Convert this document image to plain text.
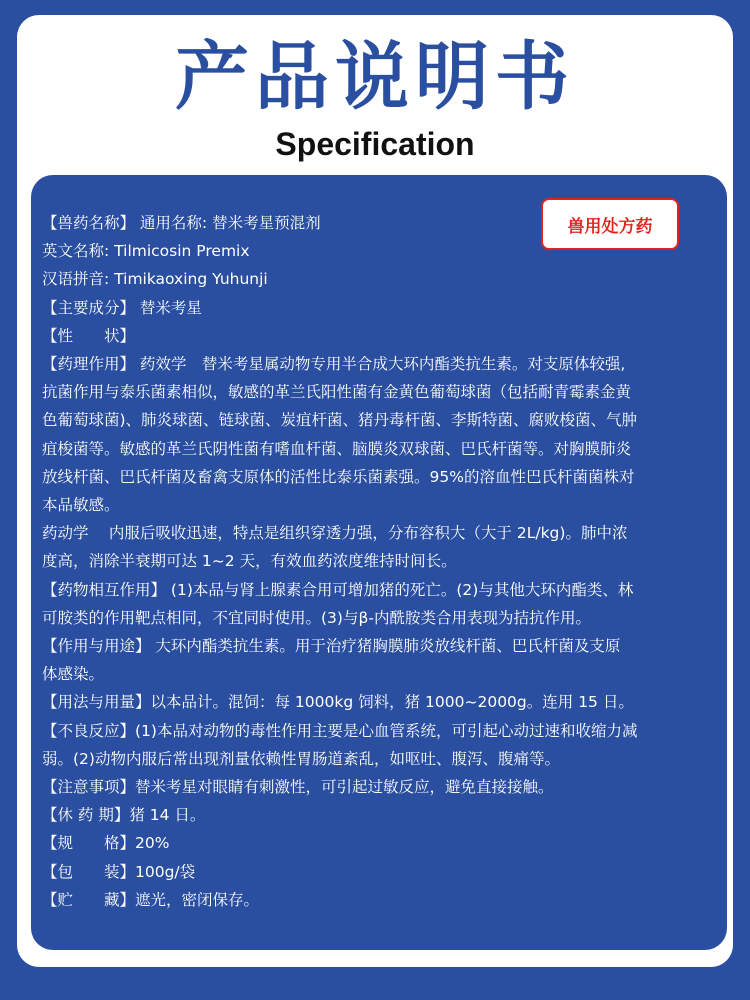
产品说明书
Specification
兽用处方药
【兽药名称】 通用名称: 替米考星预混剂
英文名称: Tilmicosin Premix
汉语拼音: Timikaoxing Yuhunji
【主要成分】 替米考星
【性　　状】
【药理作用】 药效学　替米考星属动物专用半合成大环内酯类抗生素。对支原体较强,
抗菌作用与泰乐菌素相似，敏感的革兰氏阳性菌有金黄色葡萄球菌（包括耐青霉素金黄
色葡萄球菌)、肺炎球菌、链球菌、炭疽杆菌、猪丹毒杆菌、李斯特菌、腐败梭菌、气肿
疽梭菌等。敏感的革兰氏阴性菌有嗜血杆菌、脑膜炎双球菌、巴氏杆菌等。对胸膜肺炎
放线杆菌、巴氏杆菌及畜禽支原体的活性比泰乐菌素强。95%的溶血性巴氏杆菌菌株对
本品敏感。
药动学　 内服后吸收迅速，特点是组织穿透力强，分布容积大（大于 2L/kg)。肺中浓
度高，消除半衰期可达 1~2 天，有效血药浓度维持时间长。
【药物相互作用】 (1)本品与肾上腺素合用可增加猪的死亡。(2)与其他大环内酯类、林
可胺类的作用靶点相同，不宜同时使用。(3)与β-内酰胺类合用表现为拮抗作用。
【作用与用途】 大环内酯类抗生素。用于治疗猪胸膜肺炎放线杆菌、巴氏杆菌及支原
体感染。
【用法与用量】以本品计。混饲：每 1000kg 饲料，猪 1000~2000g。连用 15 日。
【不良反应】(1)本品对动物的毒性作用主要是心血管系统，可引起心动过速和收缩力减
弱。(2)动物内服后常出现剂量依赖性胃肠道紊乱，如呕吐、腹泻、腹痛等。
【注意事项】替米考星对眼睛有刺激性，可引起过敏反应，避免直接接触。
【休 药 期】猪 14 日。
【规　　格】20%
【包　　装】100g/袋
【贮　　藏】遮光，密闭保存。
